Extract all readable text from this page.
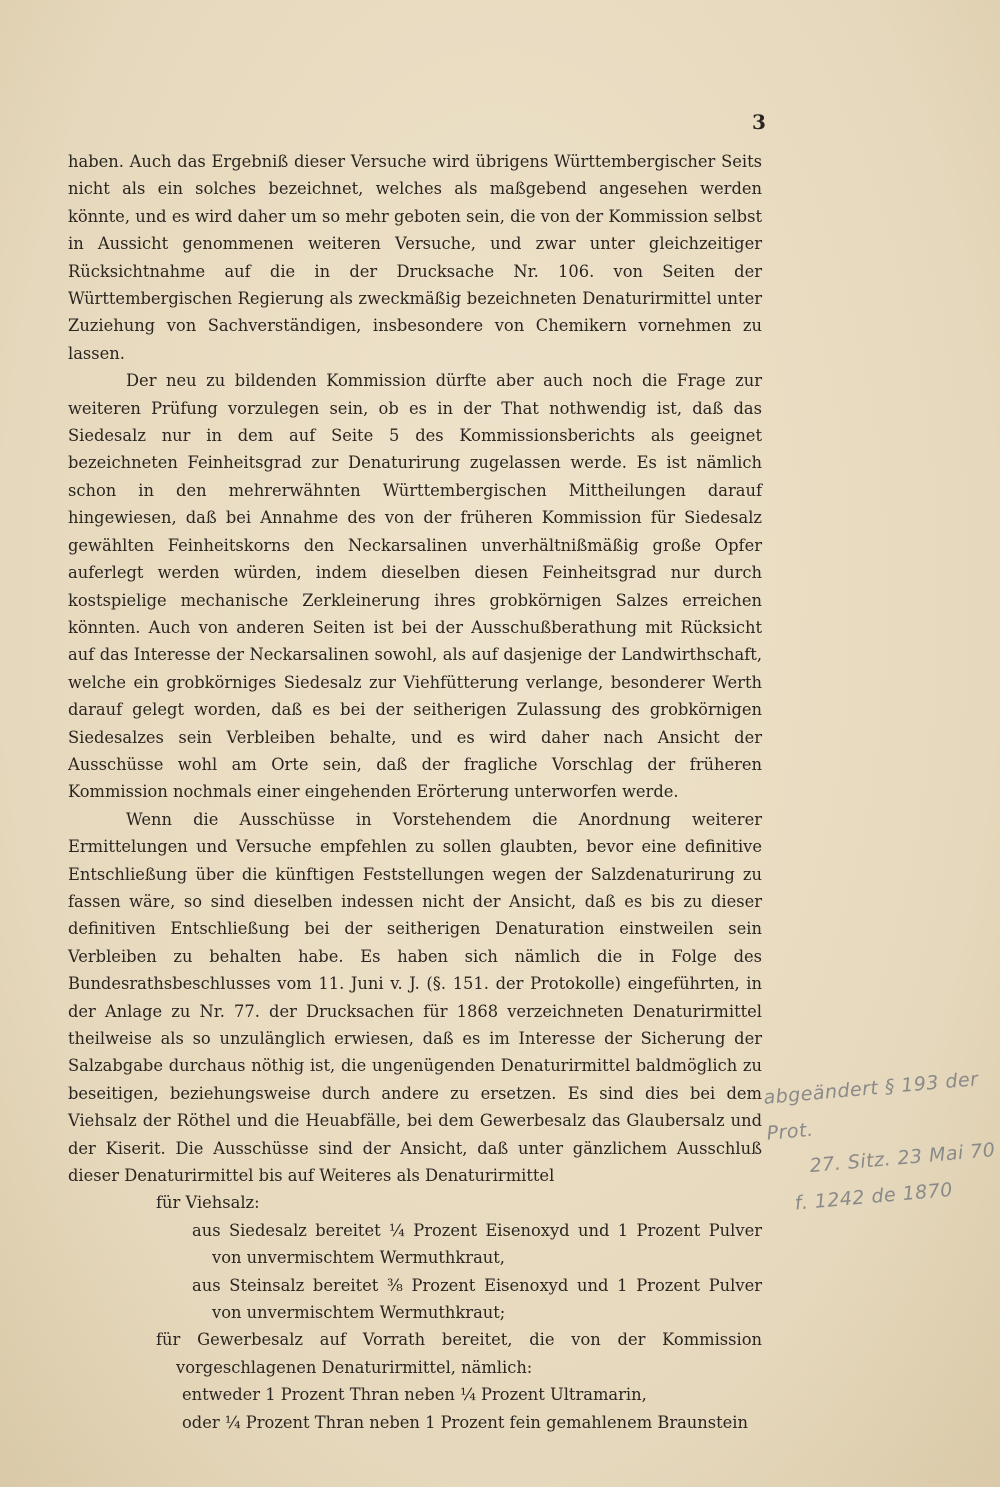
3

haben. Auch das Ergebniß dieser Versuche wird übrigens Württembergischer Seits nicht als ein solches bezeichnet, welches als maßgebend angesehen werden könnte, und es wird daher um so mehr geboten sein, die von der Kommission selbst in Aussicht genommenen weiteren Versuche, und zwar unter gleichzeitiger Rücksichtnahme auf die in der Drucksache Nr. 106. von Seiten der Württembergischen Regierung als zweckmäßig bezeichneten Denaturirmittel unter Zuziehung von Sachverständigen, insbesondere von Chemikern vornehmen zu lassen.

Der neu zu bildenden Kommission dürfte aber auch noch die Frage zur weiteren Prüfung vorzulegen sein, ob es in der That nothwendig ist, daß das Siedesalz nur in dem auf Seite 5 des Kommissionsberichts als geeignet bezeichneten Feinheitsgrad zur Denaturirung zugelassen werde. Es ist nämlich schon in den mehrerwähnten Württembergischen Mittheilungen darauf hingewiesen, daß bei Annahme des von der früheren Kommission für Siedesalz gewählten Feinheitskorns den Neckarsalinen unverhältnißmäßig große Opfer auferlegt werden würden, indem dieselben diesen Feinheitsgrad nur durch kostspielige mechanische Zerkleinerung ihres grobkörnigen Salzes erreichen könnten. Auch von anderen Seiten ist bei der Ausschußberathung mit Rücksicht auf das Interesse der Neckarsalinen sowohl, als auf dasjenige der Landwirthschaft, welche ein grobkörniges Siedesalz zur Viehfütterung verlange, besonderer Werth darauf gelegt worden, daß es bei der seitherigen Zulassung des grobkörnigen Siedesalzes sein Verbleiben behalte, und es wird daher nach Ansicht der Ausschüsse wohl am Orte sein, daß der fragliche Vorschlag der früheren Kommission nochmals einer eingehenden Erörterung unterworfen werde.

Wenn die Ausschüsse in Vorstehendem die Anordnung weiterer Ermittelungen und Versuche empfehlen zu sollen glaubten, bevor eine definitive Entschließung über die künftigen Feststellungen wegen der Salzdenaturirung zu fassen wäre, so sind dieselben indessen nicht der Ansicht, daß es bis zu dieser definitiven Entschließung bei der seitherigen Denaturation einstweilen sein Verbleiben zu behalten habe. Es haben sich nämlich die in Folge des Bundesrathsbeschlusses vom 11. Juni v. J. (§. 151. der Protokolle) eingeführten, in der Anlage zu Nr. 77. der Drucksachen für 1868 verzeichneten Denaturirmittel theilweise als so unzulänglich erwiesen, daß es im Interesse der Sicherung der Salzabgabe durchaus nöthig ist, die ungenügenden Denaturirmittel baldmöglich zu beseitigen, beziehungsweise durch andere zu ersetzen. Es sind dies bei dem Viehsalz der Röthel und die Heuabfälle, bei dem Gewerbesalz das Glaubersalz und der Kiserit. Die Ausschüsse sind der Ansicht, daß unter gänzlichem Ausschluß dieser Denaturirmittel bis auf Weiteres als Denaturirmittel

für Viehsalz:
aus Siedesalz bereitet ¼ Prozent Eisenoxyd und 1 Prozent Pulver von unvermischtem Wermuthkraut,
aus Steinsalz bereitet ⅜ Prozent Eisenoxyd und 1 Prozent Pulver von unvermischtem Wermuthkraut;
für Gewerbesalz auf Vorrath bereitet, die von der Kommission vorgeschlagenen Denaturirmittel, nämlich:
entweder 1 Prozent Thran neben ¼ Prozent Ultramarin,
oder ¼ Prozent Thran neben 1 Prozent fein gemahlenem Braunstein
abgeändert § 193 der Prot.
27. Sitz. 23 Mai 70
f. 1242 de 1870
